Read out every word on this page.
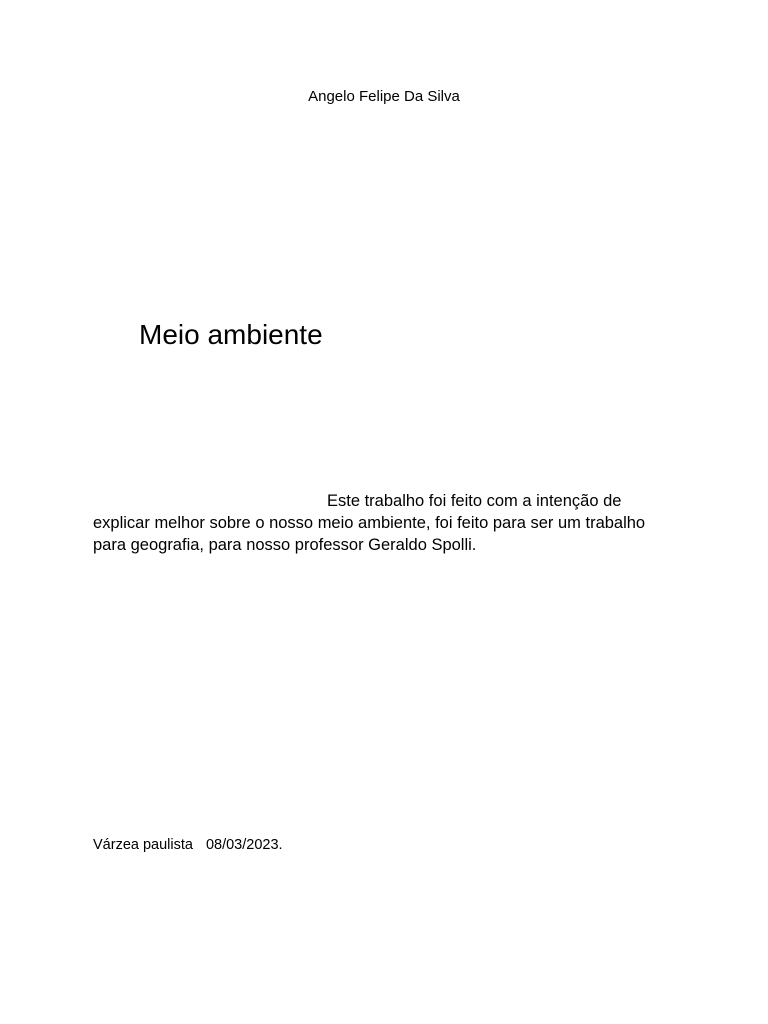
Angelo Felipe Da Silva
Meio ambiente

Este trabalho foi feito com a intenção de explicar melhor sobre o nosso meio ambiente, foi feito para ser um trabalho para geografia, para nosso professor Geraldo Spolli.

Várzea paulista 08/03/2023.
